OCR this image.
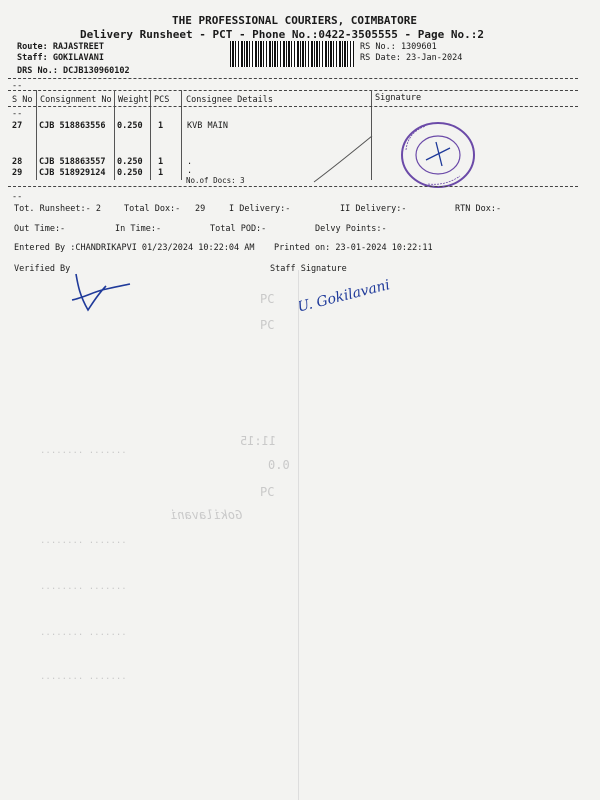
THE PROFESSIONAL COURIERS, COIMBATORE
Delivery Runsheet - PCT - Phone No.:0422-3505555 - Page No.:2
Route: RAJASTREET
Staff: GOKILAVANI
DRS No.: DCJB130960102
RS No.: 1309601
RS Date: 23-Jan-2024
--
S No Consignment No Weight PCS Consignee Details	Signature
--
27 CJB 518863556 0.250 1	KVB MAIN
28 CJB 518863557 0.250 1	.
29 CJB 518929124 0.250 1	.
No.of Docs: 3
--
Tot. Runsheet:- 2	Total Dox:- 29	I Delivery:-	II Delivery:-	RTN Dox:-
Out Time:-	In Time:-	Total POD:-	Delvy Points:-
Entered By :CHANDRIKAPVI 01/23/2024 10:22:04 AM Printed on: 23-01-2024 10:22:11
Verified By	Staff Signature
U. Gokilavani
PC
PC
PC
11:15
0.0
Gokilavani
........ .......
........ .......
........ .......
........ .......
........ .......
